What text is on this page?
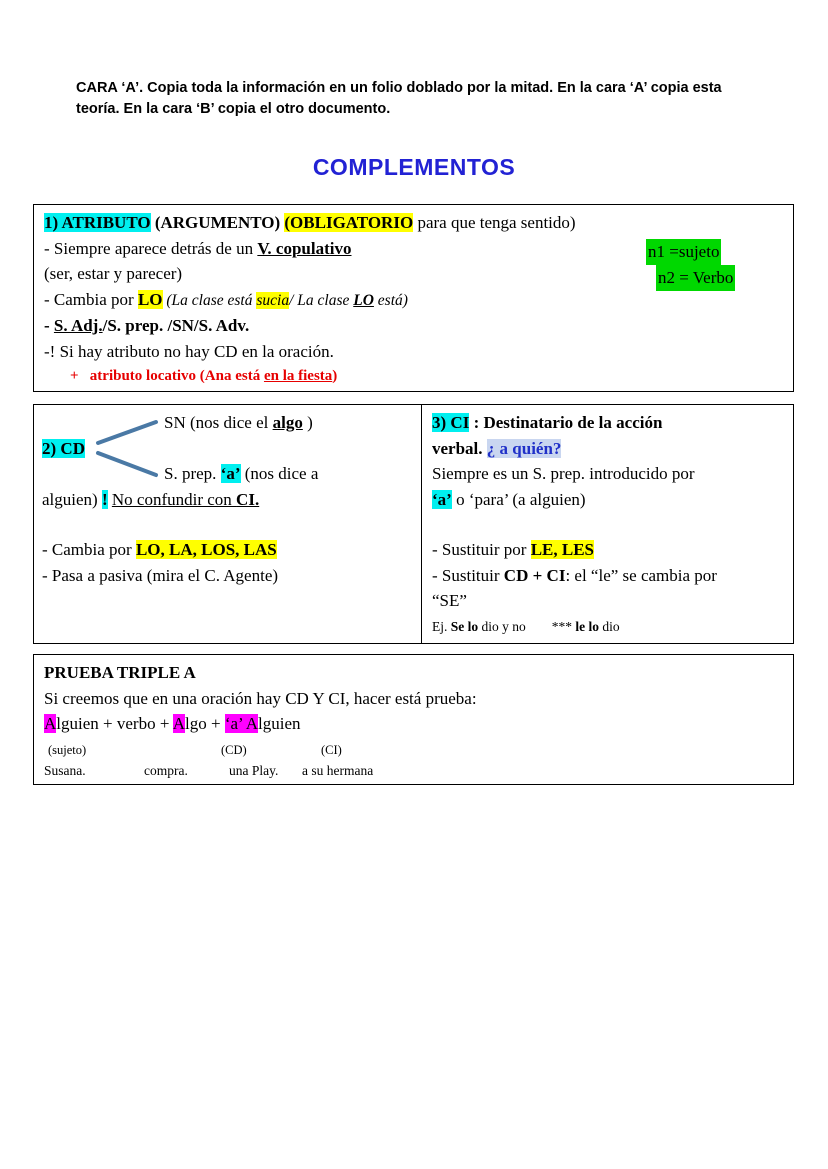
CARA ‘A’. Copia toda la información en un folio doblado por la mitad. En la cara ‘A’ copia esta teoría. En la cara ‘B’ copia el otro documento.
COMPLEMENTOS
n1 =sujeto
n2 = Verbo
1) ATRIBUTO (ARGUMENTO) (OBLIGATORIO para que tenga sentido)
- Siempre aparece detrás de un V. copulativo
(ser, estar y parecer)
- Cambia por LO (La clase está sucia/ La clase LO está)
- S. Adj./S. prep. /SN/S. Adv.
-! Si hay atributo no hay CD en la oración.
+   atributo locativo (Ana está en la fiesta)
SN (nos dice el algo )
2) CD
S. prep. ‘a’ (nos dice a
alguien) ! No confundir con CI.
- Cambia por LO, LA, LOS, LAS
- Pasa a pasiva (mira el C. Agente)
3) CI : Destinatario de la acción
verbal. ¿ a quién?
Siempre es un S. prep. introducido por
‘a’ o ‘para’ (a alguien)
- Sustituir por LE, LES
- Sustituir CD + CI: el “le” se cambia por
“SE”
Ej. Se lo dio y no *** le lo dio
PRUEBA TRIPLE A
Si creemos que en una oración hay CD Y CI, hacer está prueba:
Alguien + verbo + Algo + ‘a’ Alguien
(sujeto)	(CD)	(CI)
Susana.	compra.	una Play. a su hermana
